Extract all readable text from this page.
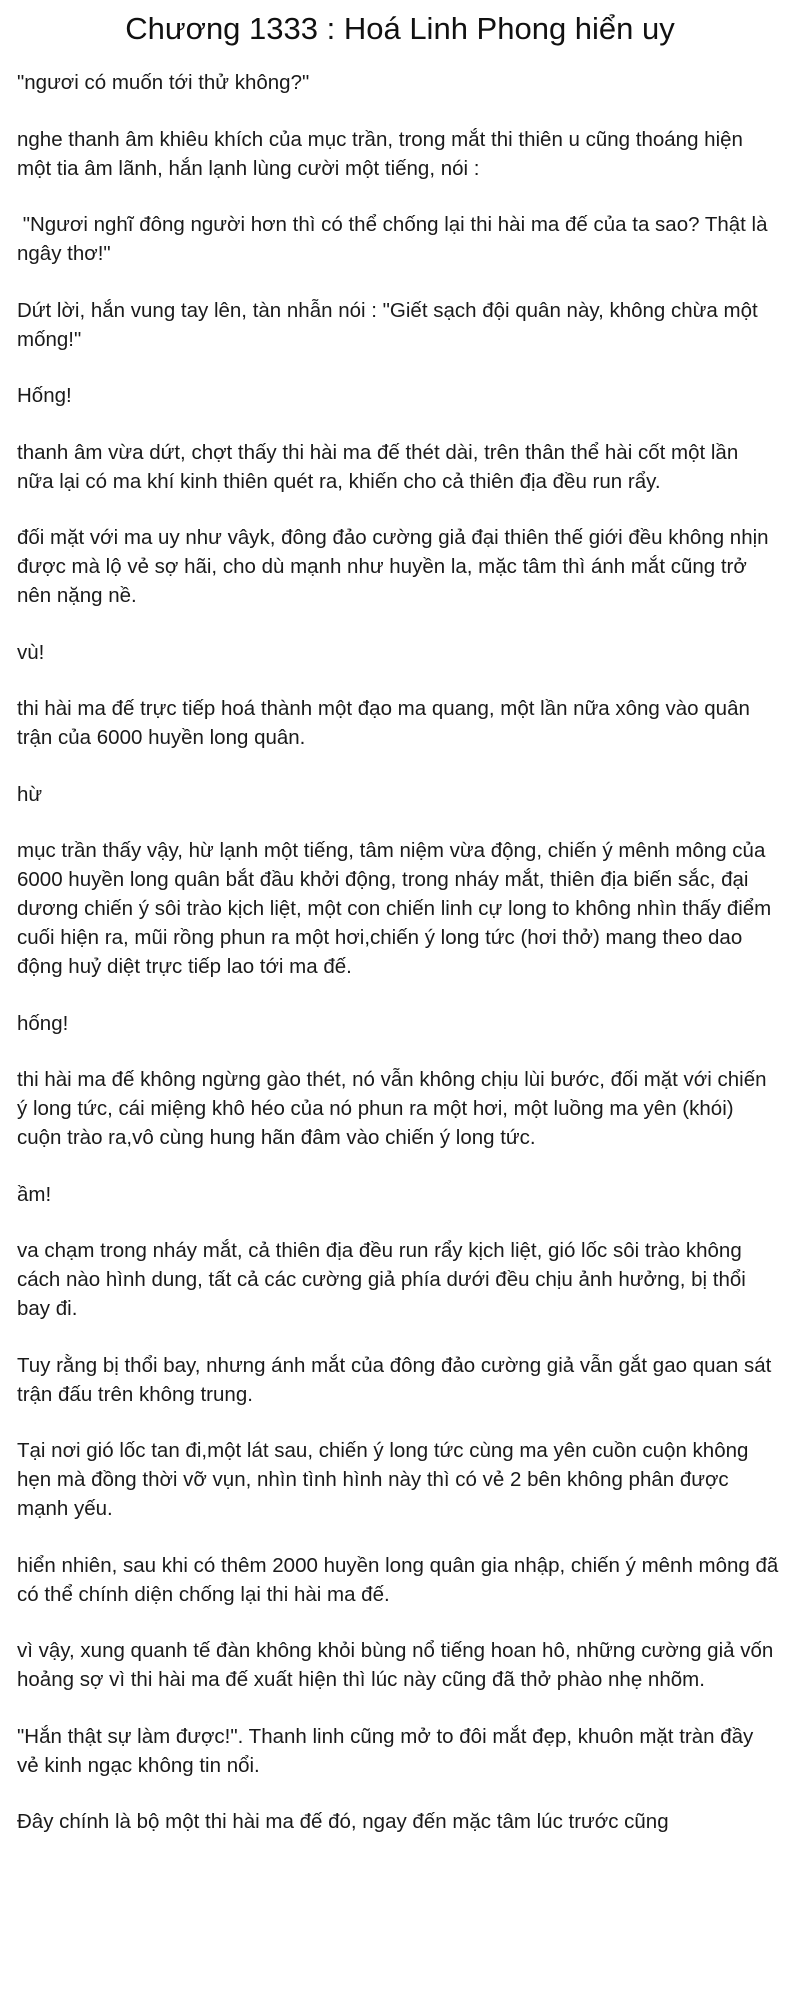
Chương 1333 : Hoá Linh Phong hiển uy

"ngươi có muốn tới thử không?"

nghe thanh âm khiêu khích của mục trần, trong mắt thi thiên u cũng thoáng hiện một tia âm lãnh, hắn lạnh lùng cười một tiếng, nói :

"Ngươi nghĩ đông người hơn thì có thể chống lại thi hài ma đế của ta sao? Thật là ngây thơ!"

Dứt lời, hắn vung tay lên, tàn nhẫn nói : "Giết sạch đội quân này, không chừa một mống!"

Hống!

thanh âm vừa dứt, chợt thấy thi hài ma đế thét dài, trên thân thể hài cốt một lần nữa lại có ma khí kinh thiên quét ra, khiến cho cả thiên địa đều run rẩy.

đối mặt với ma uy như vâyk, đông đảo cường giả đại thiên thế giới đều không nhịn được mà lộ vẻ sợ hãi, cho dù mạnh như huyền la, mặc tâm thì ánh mắt cũng trở nên nặng nề.

vù!

thi hài ma đế trực tiếp hoá thành một đạo ma quang, một lần nữa xông vào quân trận của 6000 huyền long quân.

hừ

mục trần thấy vậy, hừ lạnh một tiếng, tâm niệm vừa động, chiến ý mênh mông của 6000 huyền long quân bắt đầu khởi động, trong nháy mắt, thiên địa biến sắc, đại dương chiến ý sôi trào kịch liệt, một con chiến linh cự long to không nhìn thấy điểm cuối hiện ra, mũi rồng phun ra một hơi,chiến ý long tức (hơi thở) mang theo dao động huỷ diệt trực tiếp lao tới ma đế.

hống!

thi hài ma đế không ngừng gào thét, nó vẫn không chịu lùi bước, đối mặt với chiến ý long tức, cái miệng khô héo của nó phun ra một hơi, một luồng ma yên (khói) cuộn trào ra,vô cùng hung hãn đâm vào chiến ý long tức.

ầm!

va chạm trong nháy mắt, cả thiên địa đều run rẩy kịch liệt, gió lốc sôi trào không cách nào hình dung, tất cả các cường giả phía dưới đều chịu ảnh hưởng, bị thổi bay đi.

Tuy rằng bị thổi bay, nhưng ánh mắt của đông đảo cường giả vẫn gắt gao quan sát trận đấu trên không trung.

Tại nơi gió lốc tan đi,một lát sau, chiến ý long tức cùng ma yên cuồn cuộn không hẹn mà đồng thời vỡ vụn, nhìn tình hình này thì có vẻ 2 bên không phân được mạnh yếu.

hiển nhiên, sau khi có thêm 2000 huyền long quân gia nhập, chiến ý mênh mông đã có thể chính diện chống lại thi hài ma đế.

vì vậy, xung quanh tế đàn không khỏi bùng nổ tiếng hoan hô, những cường giả vốn hoảng sợ vì thi hài ma đế xuất hiện thì lúc này cũng đã thở phào nhẹ nhõm.

"Hắn thật sự làm được!". Thanh linh cũng mở to đôi mắt đẹp, khuôn mặt tràn đầy vẻ kinh ngạc không tin nổi.

Đây chính là bộ một thi hài ma đế đó, ngay đến mặc tâm lúc trước cũng
